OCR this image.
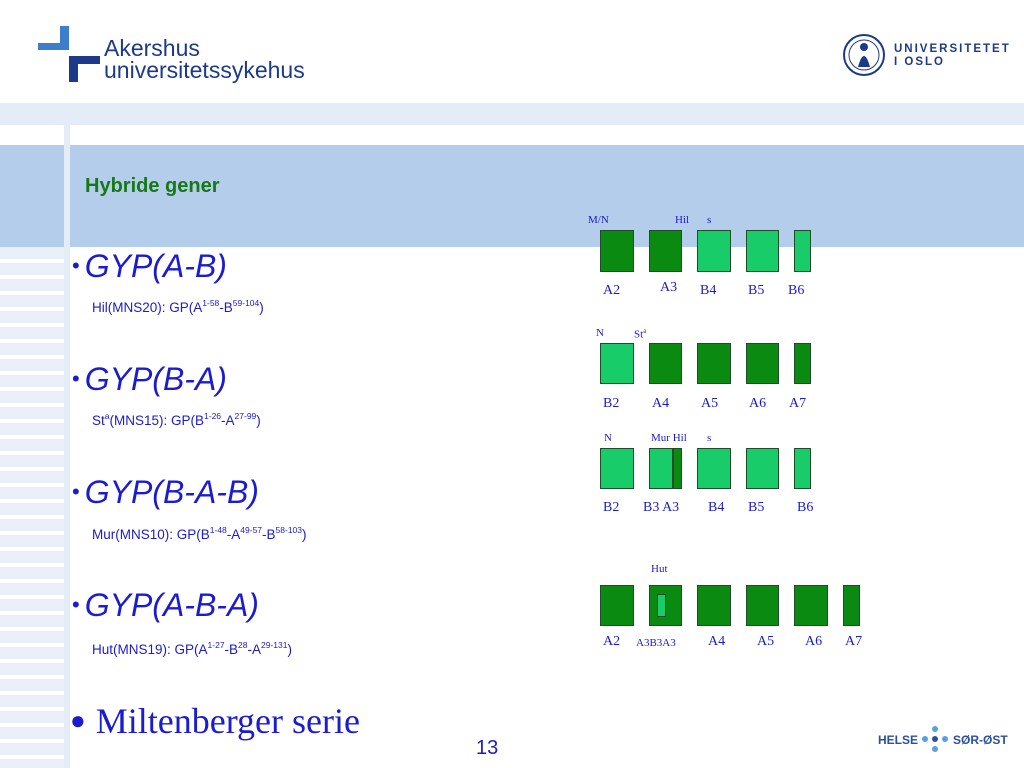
Akershus
universitetssykehus
UNIVERSITETET
I OSLO
Hybride gener
• GYP(A-B)
Hil(MNS20): $GP(A^{1-58}-B^{59-104})$
• GYP(B-A)
St$^a$(MNS15): $GP(B^{1-26}-A^{27-99})$
• GYP(B-A-B)
Mur(MNS10): $GP(B^{1-48}-A^{49-57}-B^{58-103})$
• GYP(A-B-A)
Hut(MNS19): $GP(A^{1-27}-B^{28}-A^{29-131})$
● Miltenberger serie
13
M/N	Hil s
A2	A3 B4 B5 B6
N	St$^a$
B2 A4 A5 A6 A7
N	Mur Hil s
B2 B3 A3 B4 B5 B6
Hut
A2 A3B3A3 A4 A5 A6 A7
HELSE	SØR-ØST
